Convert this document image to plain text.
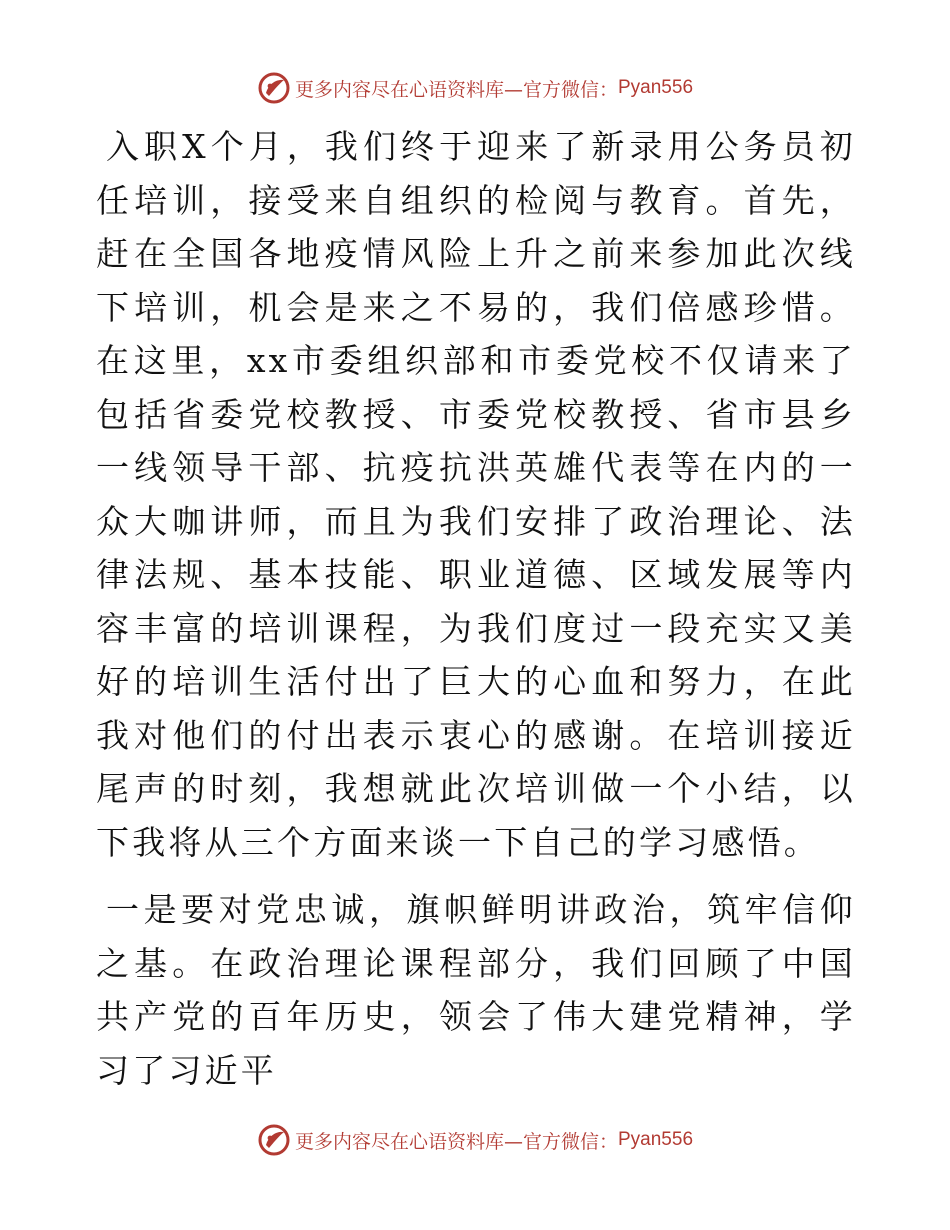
更多内容尽在心语资料库—官方微信： Pyan556

入职X个月，我们终于迎来了新录用公务员初任培训，接受来自组织的检阅与教育。首先，赶在全国各地疫情风险上升之前来参加此次线下培训，机会是来之不易的，我们倍感珍惜。在这里，xx市委组织部和市委党校不仅请来了包括省委党校教授、市委党校教授、省市县乡一线领导干部、抗疫抗洪英雄代表等在内的一众大咖讲师，而且为我们安排了政治理论、法律法规、基本技能、职业道德、区域发展等内容丰富的培训课程，为我们度过一段充实又美好的培训生活付出了巨大的心血和努力，在此我对他们的付出表示衷心的感谢。在培训接近尾声的时刻，我想就此次培训做一个小结，以下我将从三个方面来谈一下自己的学习感悟。

一是要对党忠诚，旗帜鲜明讲政治，筑牢信仰之基。在政治理论课程部分，我们回顾了中国共产党的百年历史，领会了伟大建党精神，学习了习近平

更多内容尽在心语资料库—官方微信： Pyan556
